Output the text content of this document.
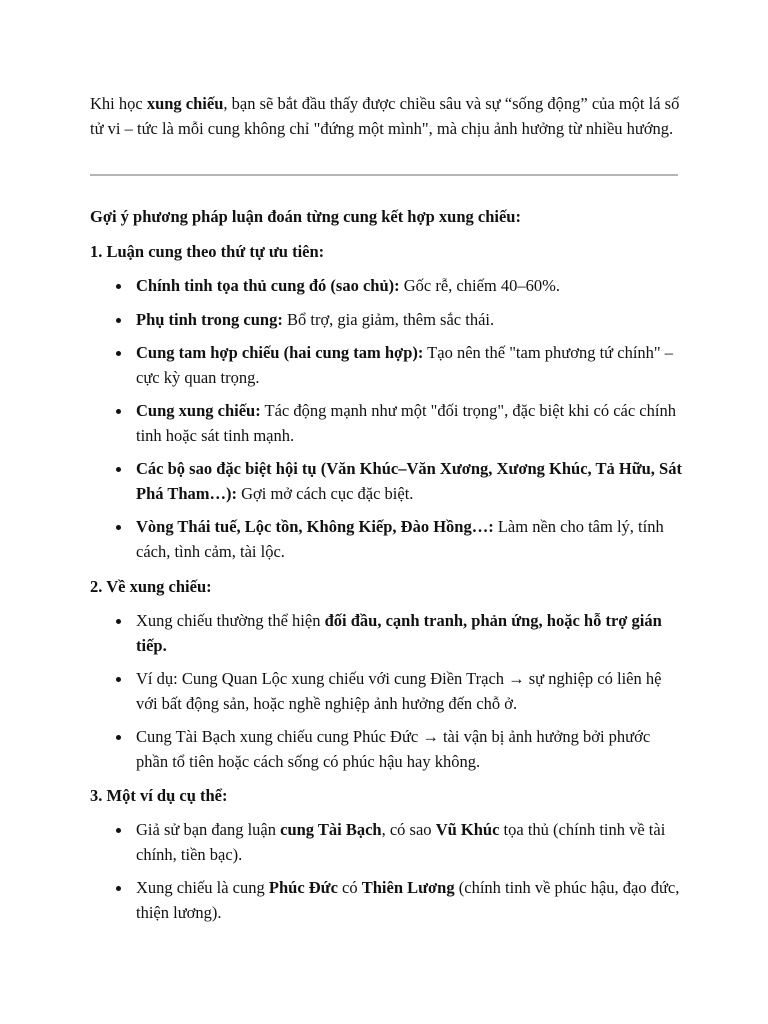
Khi học xung chiếu, bạn sẽ bắt đầu thấy được chiều sâu và sự “sống động” của một lá số tử vi – tức là mỗi cung không chỉ "đứng một mình", mà chịu ảnh hưởng từ nhiều hướng.

Gợi ý phương pháp luận đoán từng cung kết hợp xung chiếu:
1. Luận cung theo thứ tự ưu tiên:
Chính tinh tọa thủ cung đó (sao chủ): Gốc rễ, chiếm 40–60%.
Phụ tinh trong cung: Bổ trợ, gia giảm, thêm sắc thái.
Cung tam hợp chiếu (hai cung tam hợp): Tạo nên thế "tam phương tứ chính" – cực kỳ quan trọng.
Cung xung chiếu: Tác động mạnh như một "đối trọng", đặc biệt khi có các chính tinh hoặc sát tinh mạnh.
Các bộ sao đặc biệt hội tụ (Văn Khúc–Văn Xương, Xương Khúc, Tả Hữu, Sát Phá Tham…): Gợi mở cách cục đặc biệt.
Vòng Thái tuế, Lộc tồn, Không Kiếp, Đào Hồng…: Làm nền cho tâm lý, tính cách, tình cảm, tài lộc.
2. Về xung chiếu:
Xung chiếu thường thể hiện đối đầu, cạnh tranh, phản ứng, hoặc hỗ trợ gián tiếp.
Ví dụ: Cung Quan Lộc xung chiếu với cung Điền Trạch → sự nghiệp có liên hệ với bất động sản, hoặc nghề nghiệp ảnh hưởng đến chỗ ở.
Cung Tài Bạch xung chiếu cung Phúc Đức → tài vận bị ảnh hưởng bởi phước phần tổ tiên hoặc cách sống có phúc hậu hay không.
3. Một ví dụ cụ thể:
Giả sử bạn đang luận cung Tài Bạch, có sao Vũ Khúc tọa thủ (chính tinh về tài chính, tiền bạc).
Xung chiếu là cung Phúc Đức có Thiên Lương (chính tinh về phúc hậu, đạo đức, thiện lương).
